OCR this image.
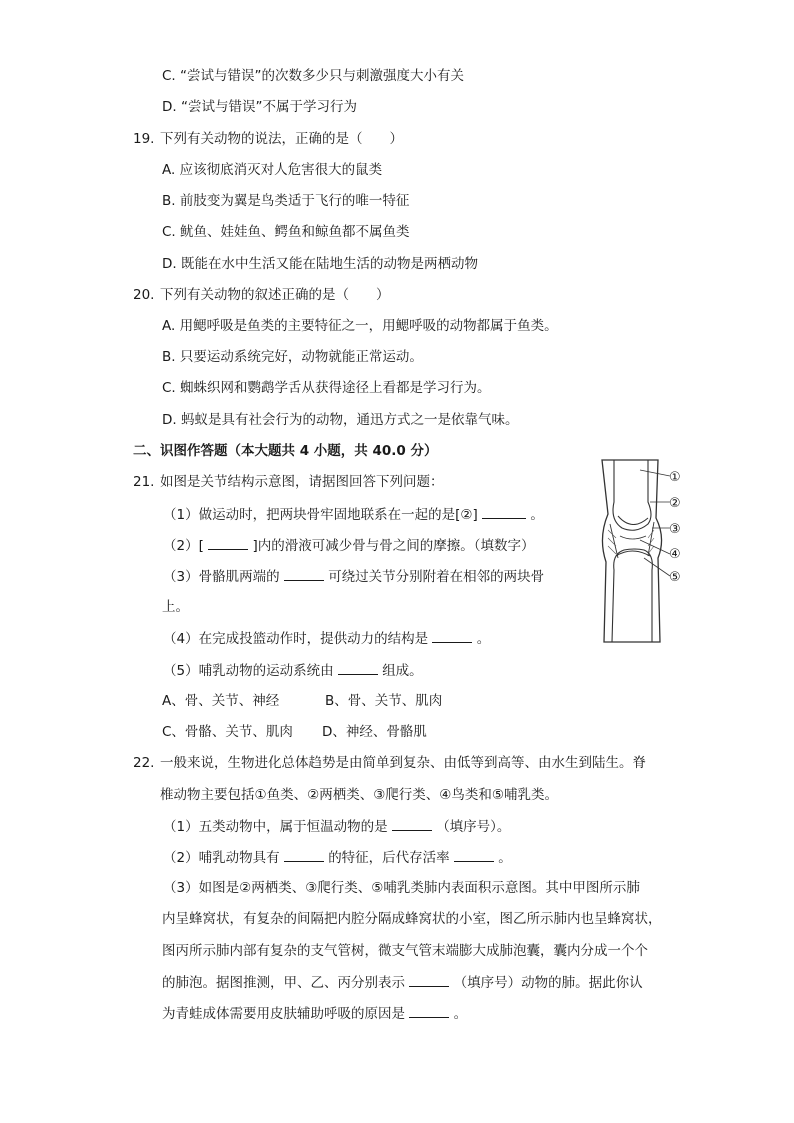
C. “尝试与错误”的次数多少只与刺激强度大小有关
D. “尝试与错误”不属于学习行为
19. 下列有关动物的说法，正确的是（　　）
A. 应该彻底消灭对人危害很大的鼠类
B. 前肢变为翼是鸟类适于飞行的唯一特征
C. 鱿鱼、娃娃鱼、鳄鱼和鲸鱼都不属鱼类
D. 既能在水中生活又能在陆地生活的动物是两栖动物
20. 下列有关动物的叙述正确的是（　　）
A. 用鳃呼吸是鱼类的主要特征之一，用鳃呼吸的动物都属于鱼类。
B. 只要运动系统完好，动物就能正常运动。
C. 蜘蛛织网和鹦鹉学舌从获得途径上看都是学习行为。
D. 蚂蚁是具有社会行为的动物，通迅方式之一是依靠气味。
二、识图作答题（本大题共 4 小题，共 40.0 分）
21. 如图是关节结构示意图，请据图回答下列问题：
（1）做运动时，把两块骨牢固地联系在一起的是[②]	。
（2）[	]内的滑液可减少骨与骨之间的摩擦。（填数字）
（3）骨骼肌两端的	可绕过关节分别附着在相邻的两块骨
上。
（4）在完成投篮动作时，提供动力的结构是	。
（5）哺乳动物的运动系统由	组成。
A、骨、关节、神经	B、骨、关节、肌肉
C、骨骼、关节、肌肉 D、神经、骨骼肌
①
②
③
④
⑤
22. 一般来说，生物进化总体趋势是由简单到复杂、由低等到高等、由水生到陆生。脊
椎动物主要包括①鱼类、②两栖类、③爬行类、④鸟类和⑤哺乳类。
（1）五类动物中，属于恒温动物的是	（填序号）。
（2）哺乳动物具有	的特征，后代存活率	。
（3）如图是②两栖类、③爬行类、⑤哺乳类肺内表面积示意图。其中甲图所示肺
内呈蜂窝状，有复杂的间隔把内腔分隔成蜂窝状的小室，图乙所示肺内也呈蜂窝状，
图丙所示肺内部有复杂的支气管树，微支气管末端膨大成肺泡囊，囊内分成一个个
的肺泡。据图推测，甲、乙、丙分别表示	（填序号）动物的肺。据此你认
为青蛙成体需要用皮肤辅助呼吸的原因是	。
